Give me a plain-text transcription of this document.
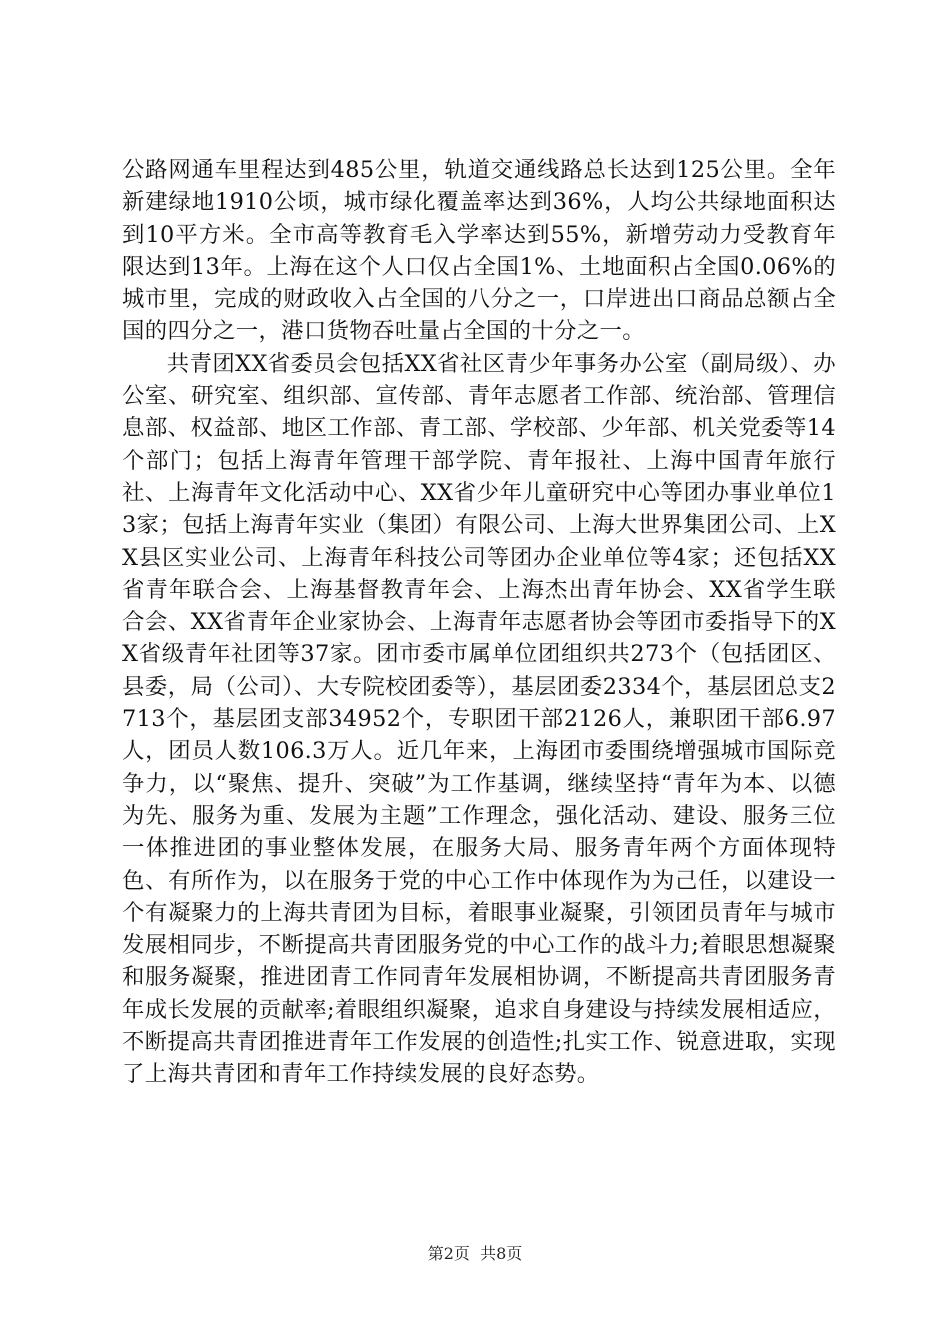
公路网通车里程达到485公里，轨道交通线路总长达到125公里。全年新建绿地1910公顷，城市绿化覆盖率达到36%，人均公共绿地面积达到10平方米。全市高等教育毛入学率达到55%，新增劳动力受教育年限达到13年。上海在这个人口仅占全国1%、土地面积占全国0.06%的城市里，完成的财政收入占全国的八分之一，口岸进出口商品总额占全国的四分之一，港口货物吞吐量占全国的十分之一。

共青团XX省委员会包括XX省社区青少年事务办公室（副局级）、办公室、研究室、组织部、宣传部、青年志愿者工作部、统治部、管理信息部、权益部、地区工作部、青工部、学校部、少年部、机关党委等14个部门；包括上海青年管理干部学院、青年报社、上海中国青年旅行社、上海青年文化活动中心、XX省少年儿童研究中心等团办事业单位13家；包括上海青年实业（集团）有限公司、上海大世界集团公司、上XX县区实业公司、上海青年科技公司等团办企业单位等4家；还包括XX省青年联合会、上海基督教青年会、上海杰出青年协会、XX省学生联合会、XX省青年企业家协会、上海青年志愿者协会等团市委指导下的XX省级青年社团等37家。团市委市属单位团组织共273个（包括团区、县委，局（公司）、大专院校团委等），基层团委2334个，基层团总支2713个，基层团支部34952个，专职团干部2126人，兼职团干部6.97人，团员人数106.3万人。近几年来，上海团市委围绕增强城市国际竞争力，以“聚焦、提升、突破”为工作基调，继续坚持“青年为本、以德为先、服务为重、发展为主题”工作理念，强化活动、建设、服务三位一体推进团的事业整体发展，在服务大局、服务青年两个方面体现特色、有所作为，以在服务于党的中心工作中体现作为为己任，以建设一个有凝聚力的上海共青团为目标，着眼事业凝聚，引领团员青年与城市发展相同步，不断提高共青团服务党的中心工作的战斗力;着眼思想凝聚和服务凝聚，推进团青工作同青年发展相协调，不断提高共青团服务青年成长发展的贡献率;着眼组织凝聚，追求自身建设与持续发展相适应，不断提高共青团推进青年工作发展的创造性;扎实工作、锐意进取，实现了上海共青团和青年工作持续发展的良好态势。

第2页 共8页
